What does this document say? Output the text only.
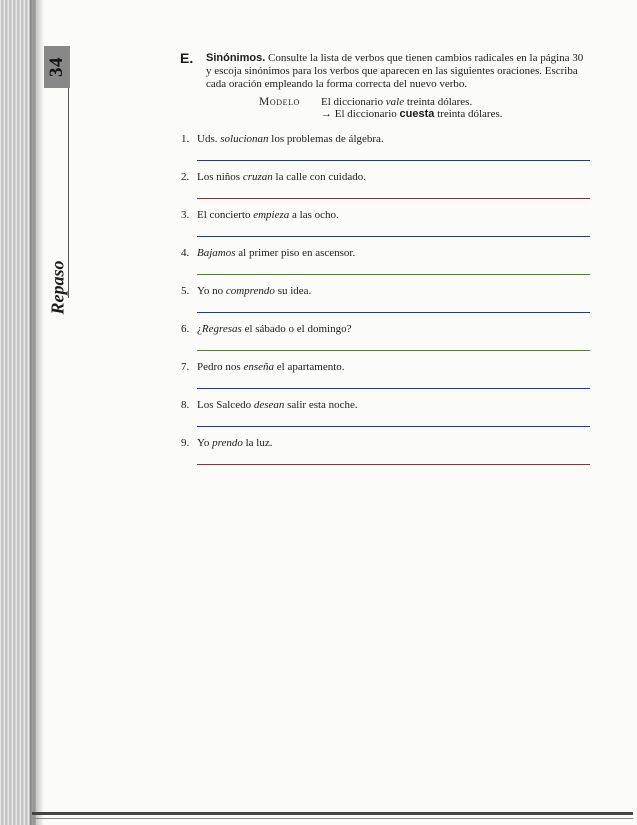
34
Repaso
E. Sinónimos. Consulte la lista de verbos que tienen cambios radicales en la página 30 y escoja sinónimos para los verbos que aparecen en las siguientes oraciones. Escriba cada oración empleando la forma correcta del nuevo verbo.
Modelo El diccionario vale treinta dólares.
→ El diccionario cuesta treinta dólares.
1. Uds. solucionan los problemas de álgebra.
2. Los niños cruzan la calle con cuidado.
3. El concierto empieza a las ocho.
4. Bajamos al primer piso en ascensor.
5. Yo no comprendo su idea.
6. ¿Regresas el sábado o el domingo?
7. Pedro nos enseña el apartamento.
8. Los Salcedo desean salir esta noche.
9. Yo prendo la luz.
